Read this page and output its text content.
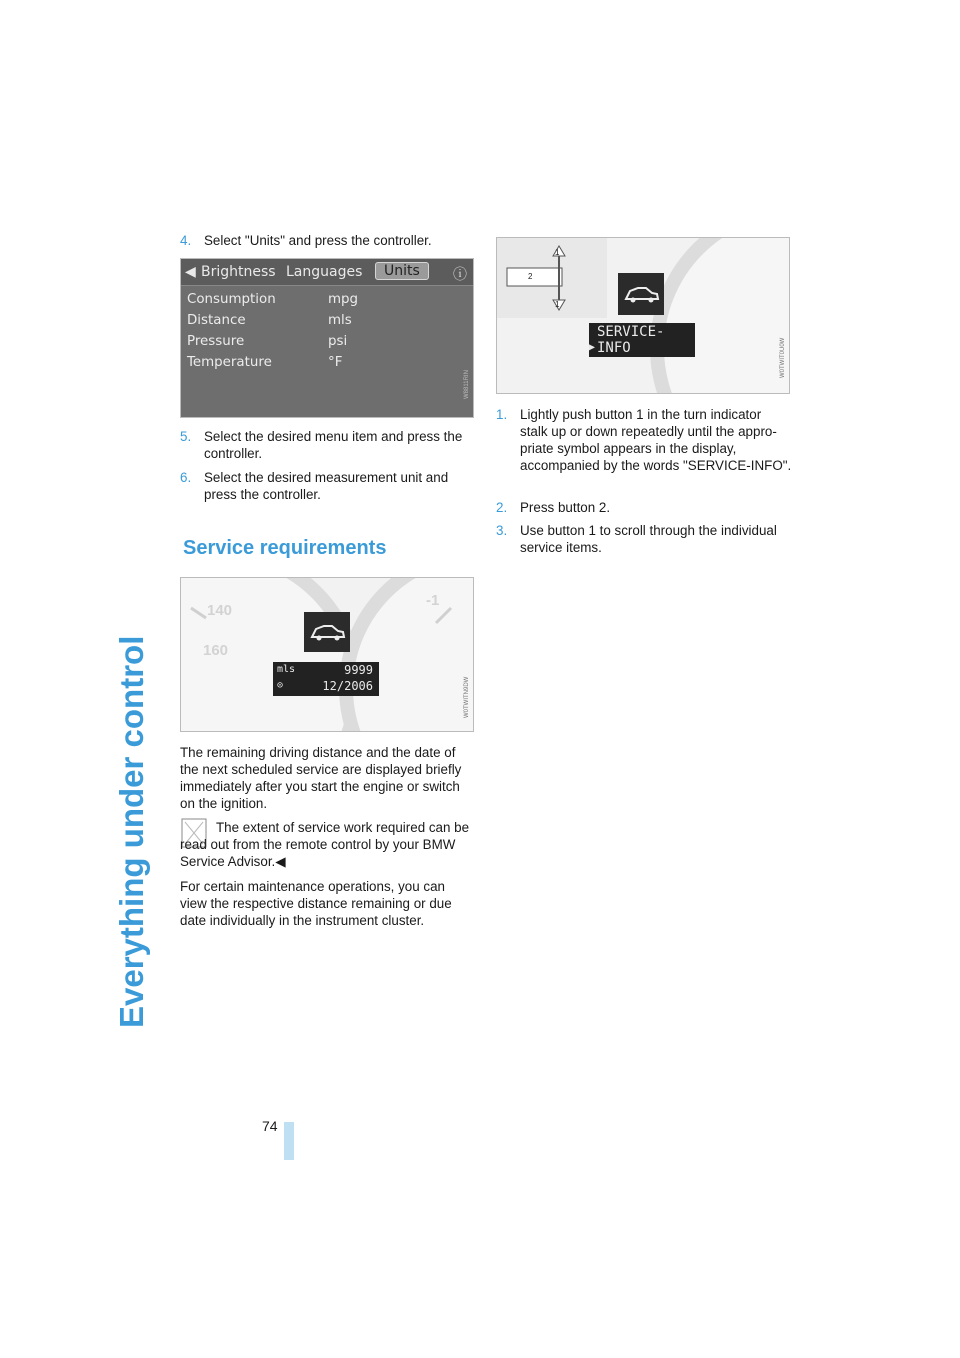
Everything under control
4. Select "Units" and press the controller.
◀ Brightness Languages	Units	ⓘ
Consumption	mpg
Distance	mls
Pressure	psi
Temperature	°F
W8811RIN
5. Select the desired menu item and press the controller.
6. Select the desired measurement unit and press the controller.
Service requirements
140
160
-1
mls	9999
⊙	12/2006	W0TWITN9DW
The remaining driving distance and the date of the next scheduled service are displayed briefly immediately after you start the engine or switch on the ignition.
The extent of service work required can be read out from the remote control by your BMW Service Advisor.◀
For certain maintenance operations, you can view the respective distance remaining or due date individually in the instrument cluster.
1
2
1
SERVICE-
▶ INFO	W0TWIT0U0W
1. Lightly push button 1 in the turn indicator stalk up or down repeatedly until the appro-priate symbol appears in the display, accompanied by the words "SERVICE-INFO".
2. Press button 2.
3. Use button 1 to scroll through the individual service items.
74
